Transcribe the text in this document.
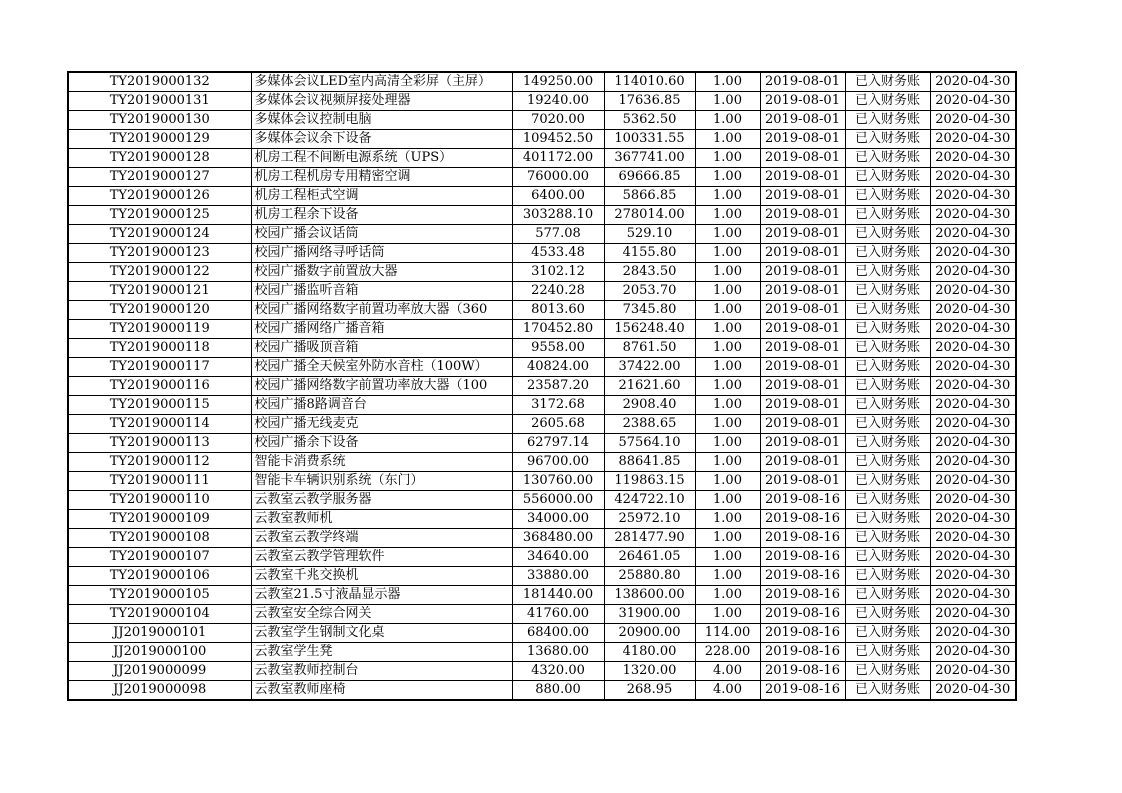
TY2019000132	多媒体会议LED室内高清全彩屏（主屏）	149250.00	114010.60	1.00	2019-08-01	已入财务账	2020-04-30
TY2019000131	多媒体会议视频屏接处理器	19240.00	17636.85	1.00	2019-08-01	已入财务账	2020-04-30
TY2019000130	多媒体会议控制电脑	7020.00	5362.50	1.00	2019-08-01	已入财务账	2020-04-30
TY2019000129	多媒体会议余下设备	109452.50	100331.55	1.00	2019-08-01	已入财务账	2020-04-30
TY2019000128	机房工程不间断电源系统（UPS）	401172.00	367741.00	1.00	2019-08-01	已入财务账	2020-04-30
TY2019000127	机房工程机房专用精密空调	76000.00	69666.85	1.00	2019-08-01	已入财务账	2020-04-30
TY2019000126	机房工程柜式空调	6400.00	5866.85	1.00	2019-08-01	已入财务账	2020-04-30
TY2019000125	机房工程余下设备	303288.10	278014.00	1.00	2019-08-01	已入财务账	2020-04-30
TY2019000124	校园广播会议话筒	577.08	529.10	1.00	2019-08-01	已入财务账	2020-04-30
TY2019000123	校园广播网络寻呼话筒	4533.48	4155.80	1.00	2019-08-01	已入财务账	2020-04-30
TY2019000122	校园广播数字前置放大器	3102.12	2843.50	1.00	2019-08-01	已入财务账	2020-04-30
TY2019000121	校园广播监听音箱	2240.28	2053.70	1.00	2019-08-01	已入财务账	2020-04-30
TY2019000120	校园广播网络数字前置功率放大器（360	8013.60	7345.80	1.00	2019-08-01	已入财务账	2020-04-30
TY2019000119	校园广播网络广播音箱	170452.80	156248.40	1.00	2019-08-01	已入财务账	2020-04-30
TY2019000118	校园广播吸顶音箱	9558.00	8761.50	1.00	2019-08-01	已入财务账	2020-04-30
TY2019000117	校园广播全天候室外防水音柱（100W）	40824.00	37422.00	1.00	2019-08-01	已入财务账	2020-04-30
TY2019000116	校园广播网络数字前置功率放大器（100	23587.20	21621.60	1.00	2019-08-01	已入财务账	2020-04-30
TY2019000115	校园广播8路调音台	3172.68	2908.40	1.00	2019-08-01	已入财务账	2020-04-30
TY2019000114	校园广播无线麦克	2605.68	2388.65	1.00	2019-08-01	已入财务账	2020-04-30
TY2019000113	校园广播余下设备	62797.14	57564.10	1.00	2019-08-01	已入财务账	2020-04-30
TY2019000112	智能卡消费系统	96700.00	88641.85	1.00	2019-08-01	已入财务账	2020-04-30
TY2019000111	智能卡车辆识别系统（东门）	130760.00	119863.15	1.00	2019-08-01	已入财务账	2020-04-30
TY2019000110	云教室云教学服务器	556000.00	424722.10	1.00	2019-08-16	已入财务账	2020-04-30
TY2019000109	云教室教师机	34000.00	25972.10	1.00	2019-08-16	已入财务账	2020-04-30
TY2019000108	云教室云教学终端	368480.00	281477.90	1.00	2019-08-16	已入财务账	2020-04-30
TY2019000107	云教室云教学管理软件	34640.00	26461.05	1.00	2019-08-16	已入财务账	2020-04-30
TY2019000106	云教室千兆交换机	33880.00	25880.80	1.00	2019-08-16	已入财务账	2020-04-30
TY2019000105	云教室21.5寸液晶显示器	181440.00	138600.00	1.00	2019-08-16	已入财务账	2020-04-30
TY2019000104	云教室安全综合网关	41760.00	31900.00	1.00	2019-08-16	已入财务账	2020-04-30
JJ2019000101	云教室学生钢制文化桌	68400.00	20900.00	114.00	2019-08-16	已入财务账	2020-04-30
JJ2019000100	云教室学生凳	13680.00	4180.00	228.00	2019-08-16	已入财务账	2020-04-30
JJ2019000099	云教室教师控制台	4320.00	1320.00	4.00	2019-08-16	已入财务账	2020-04-30
JJ2019000098	云教室教师座椅	880.00	268.95	4.00	2019-08-16	已入财务账	2020-04-30
